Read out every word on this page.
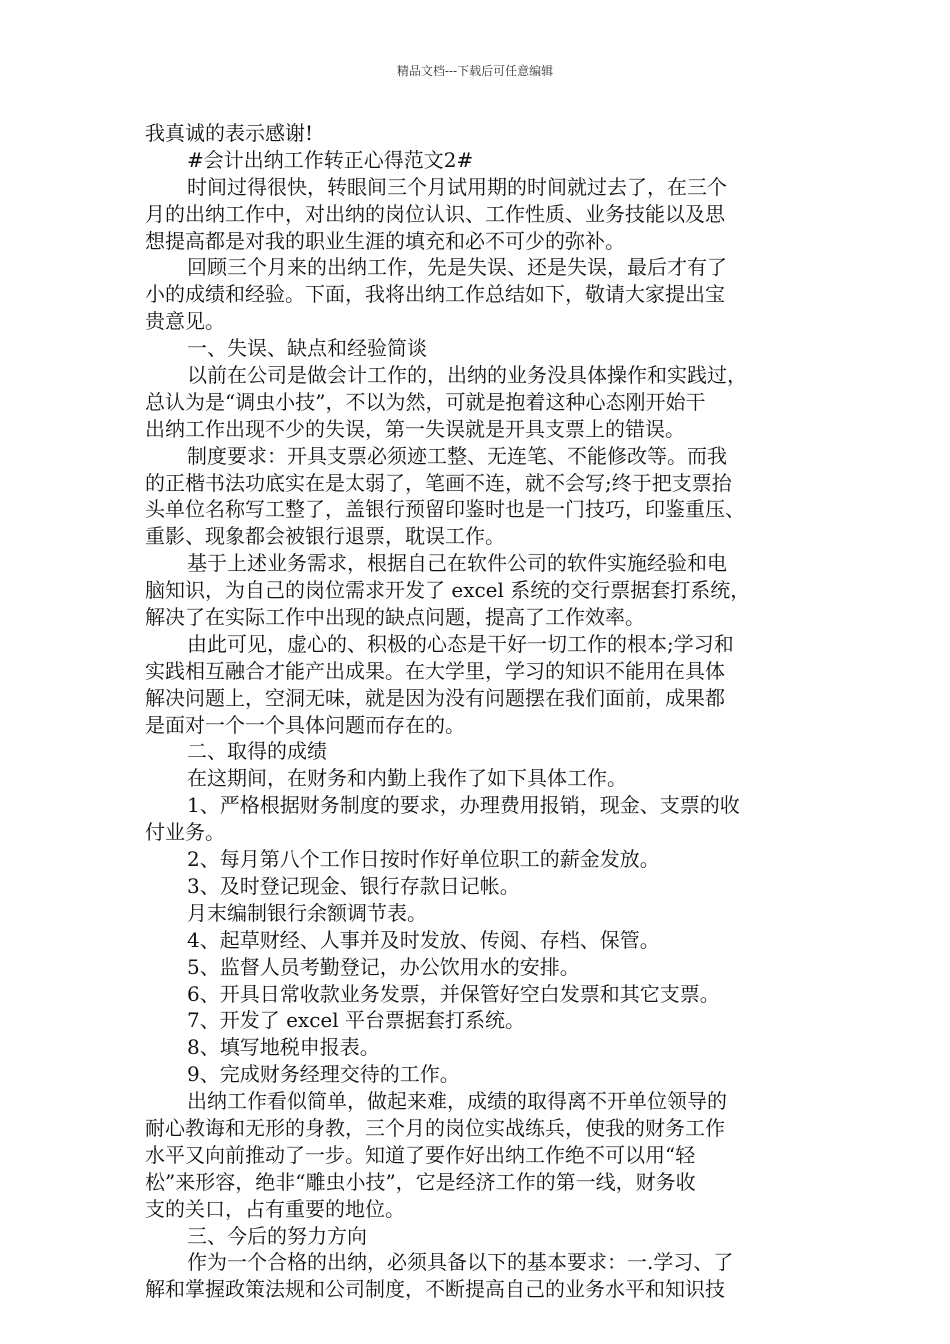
精品文档---下载后可任意编辑
我真诚的表示感谢!
#会计出纳工作转正心得范文2#
时间过得很快，转眼间三个月试用期的时间就过去了，在三个
月的出纳工作中，对出纳的岗位认识、工作性质、业务技能以及思
想提高都是对我的职业生涯的填充和必不可少的弥补。
回顾三个月来的出纳工作，先是失误、还是失误，最后才有了
小的成绩和经验。下面，我将出纳工作总结如下，敬请大家提出宝
贵意见。
一、失误、缺点和经验简谈
以前在公司是做会计工作的，出纳的业务没具体操作和实践过，
总认为是“调虫小技”，不以为然，可就是抱着这种心态刚开始干
出纳工作出现不少的失误，第一失误就是开具支票上的错误。
制度要求：开具支票必须迹工整、无连笔、不能修改等。而我
的正楷书法功底实在是太弱了，笔画不连，就不会写;终于把支票抬
头单位名称写工整了，盖银行预留印鉴时也是一门技巧，印鉴重压、
重影、现象都会被银行退票，耽误工作。
基于上述业务需求，根据自己在软件公司的软件实施经验和电
脑知识，为自己的岗位需求开发了 excel 系统的交行票据套打系统，
解决了在实际工作中出现的缺点问题，提高了工作效率。
由此可见，虚心的、积极的心态是干好一切工作的根本;学习和
实践相互融合才能产出成果。在大学里，学习的知识不能用在具体
解决问题上，空洞无味，就是因为没有问题摆在我们面前，成果都
是面对一个一个具体问题而存在的。
二、取得的成绩
在这期间，在财务和内勤上我作了如下具体工作。
1、严格根据财务制度的要求，办理费用报销，现金、支票的收
付业务。
2、每月第八个工作日按时作好单位职工的薪金发放。
3、及时登记现金、银行存款日记帐。
月末编制银行余额调节表。
4、起草财经、人事并及时发放、传阅、存档、保管。
5、监督人员考勤登记，办公饮用水的安排。
6、开具日常收款业务发票，并保管好空白发票和其它支票。
7、开发了 excel 平台票据套打系统。
8、填写地税申报表。
9、完成财务经理交待的工作。
出纳工作看似简单，做起来难，成绩的取得离不开单位领导的
耐心教诲和无形的身教，三个月的岗位实战练兵，使我的财务工作
水平又向前推动了一步。知道了要作好出纳工作绝不可以用“轻
松”来形容，绝非“雕虫小技”，它是经济工作的第一线，财务收
支的关口，占有重要的地位。
三、今后的努力方向
作为一个合格的出纳，必须具备以下的基本要求：一.学习、了
解和掌握政策法规和公司制度，不断提高自己的业务水平和知识技
